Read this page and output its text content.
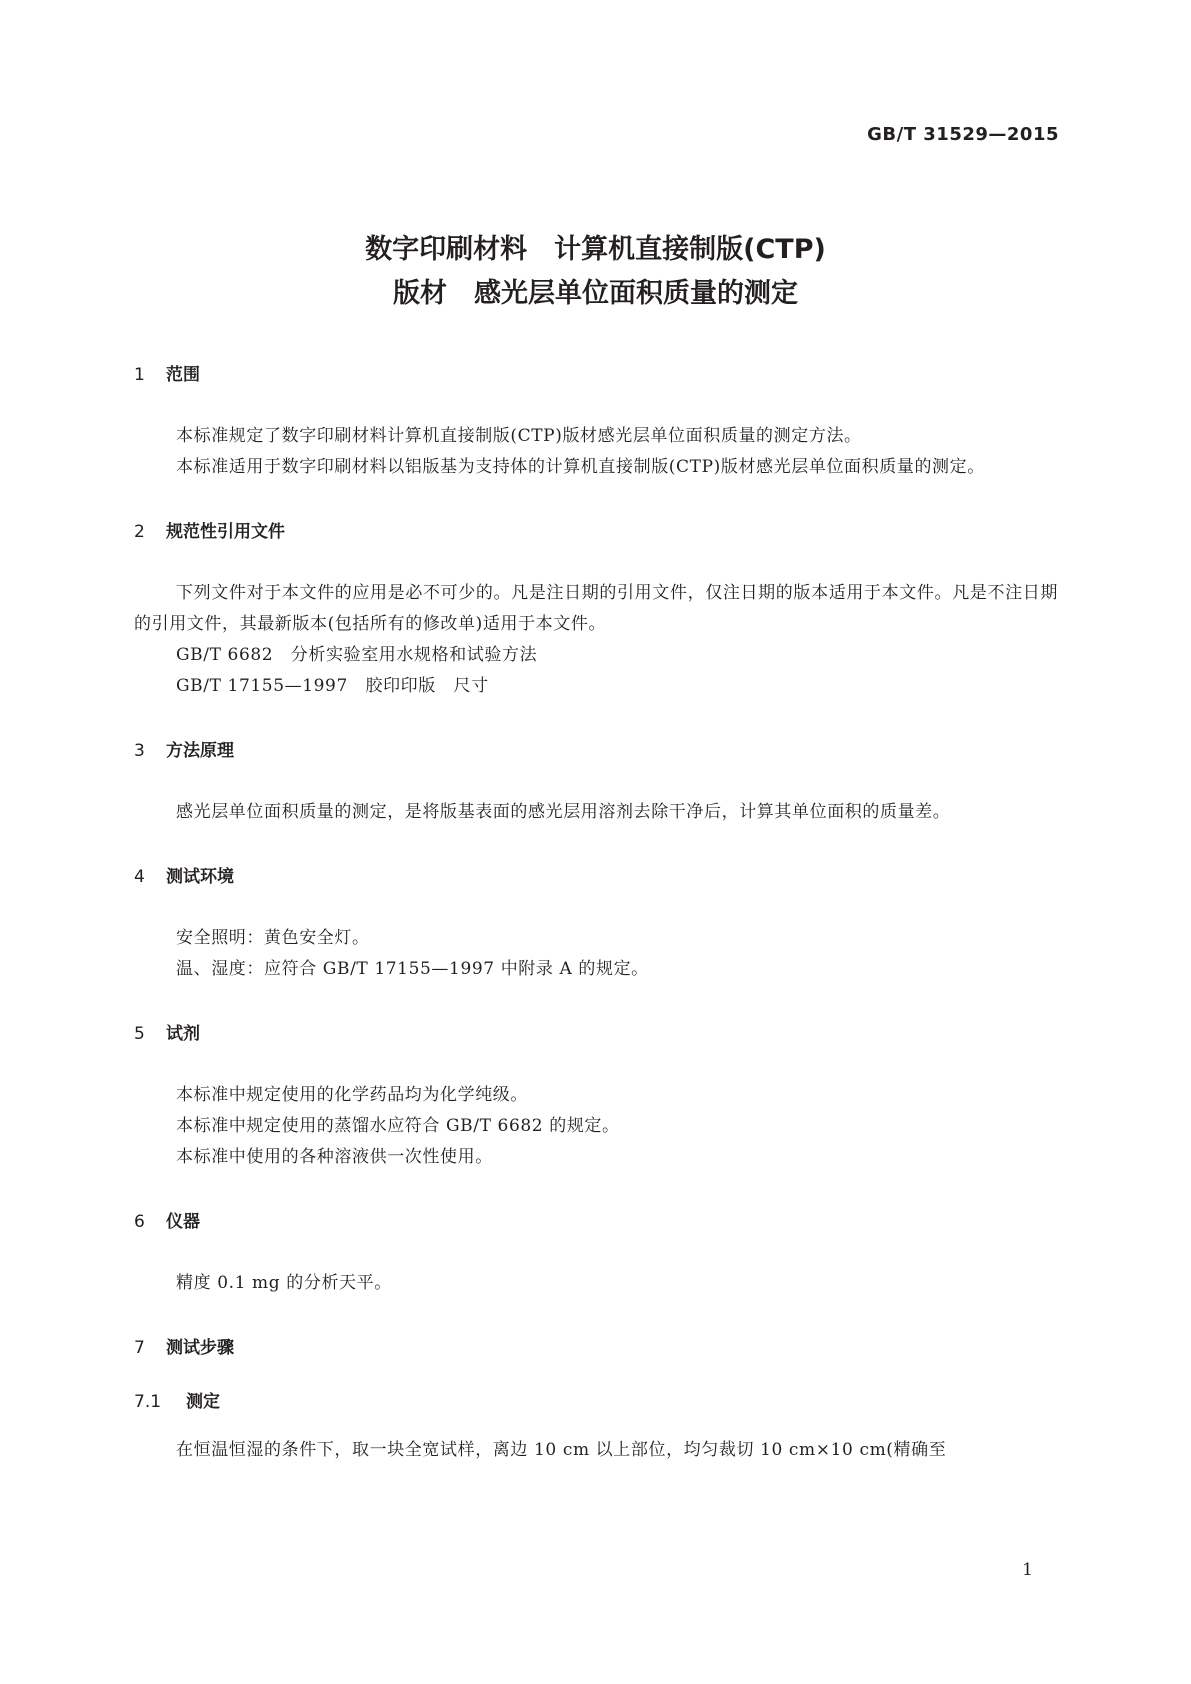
GB/T 31529—2015
数字印刷材料　计算机直接制版(CTP)
版材　感光层单位面积质量的测定
1 范围
本标准规定了数字印刷材料计算机直接制版(CTP)版材感光层单位面积质量的测定方法。
本标准适用于数字印刷材料以铝版基为支持体的计算机直接制版(CTP)版材感光层单位面积质量的测定。
2 规范性引用文件
下列文件对于本文件的应用是必不可少的。凡是注日期的引用文件，仅注日期的版本适用于本文件。凡是不注日期的引用文件，其最新版本(包括所有的修改单)适用于本文件。
GB/T 6682　分析实验室用水规格和试验方法
GB/T 17155—1997　胶印印版　尺寸
3 方法原理
感光层单位面积质量的测定，是将版基表面的感光层用溶剂去除干净后，计算其单位面积的质量差。
4 测试环境
安全照明：黄色安全灯。
温、湿度：应符合 GB/T 17155—1997 中附录 A 的规定。
5 试剂
本标准中规定使用的化学药品均为化学纯级。
本标准中规定使用的蒸馏水应符合 GB/T 6682 的规定。
本标准中使用的各种溶液供一次性使用。
6 仪器
精度 0.1 mg 的分析天平。
7 测试步骤
7.1 测定
在恒温恒湿的条件下，取一块全宽试样，离边 10 cm 以上部位，均匀裁切 10 cm×10 cm(精确至
1
